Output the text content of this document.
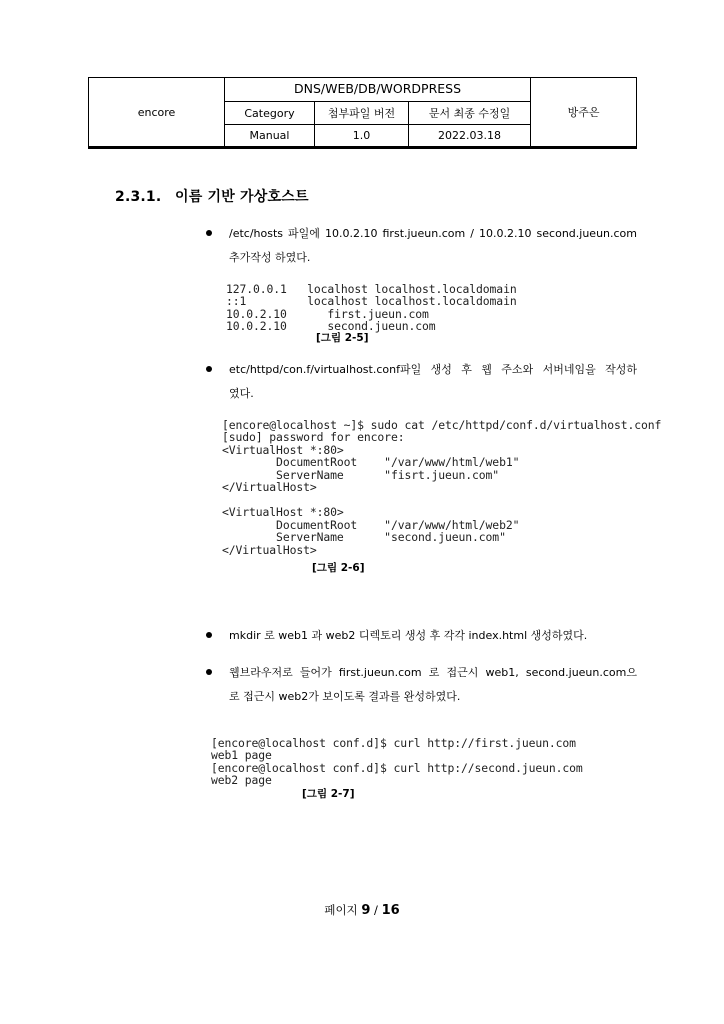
encore	DNS/WEB/DB/WORDPRESS			방주은
	Category	첨부파일 버전	문서 최종 수정일	
	Manual	1.0	2022.03.18	
2.3.1. 이름 기반 가상호스트
/etc/hosts 파일에 10.0.2.10 first.jueun.com / 10.0.2.10 second.jueun.com
추가작성 하였다.

127.0.0.1   localhost localhost.localdomain
::1         localhost localhost.localdomain
10.0.2.10      first.jueun.com
10.0.2.10      second.jueun.com

[그림 2-5]
etc/httpd/con.f/virtualhost.conf파일 생성 후 웹 주소와 서버네임을 작성하
였다.

[encore@localhost ~]$ sudo cat /etc/httpd/conf.d/virtualhost.conf
[sudo] password for encore:
<VirtualHost *:80>
DocumentRoot    "/var/www/html/web1"
ServerName      "fisrt.jueun.com"
</VirtualHost>
<VirtualHost *:80>
DocumentRoot    "/var/www/html/web2"
ServerName      "second.jueun.com"
</VirtualHost>

[그림 2-6]
mkdir 로 web1 과 web2 디렉토리 생성 후 각각 index.html 생성하였다.
웹브라우저로 들어가 first.jueun.com 로 접근시 web1, second.jueun.com으
로 접근시 web2가 보이도록 결과를 완성하였다.

[encore@localhost conf.d]$ curl http://first.jueun.com
web1 page
[encore@localhost conf.d]$ curl http://second.jueun.com
web2 page

[그림 2-7]
페이지 9 / 16
